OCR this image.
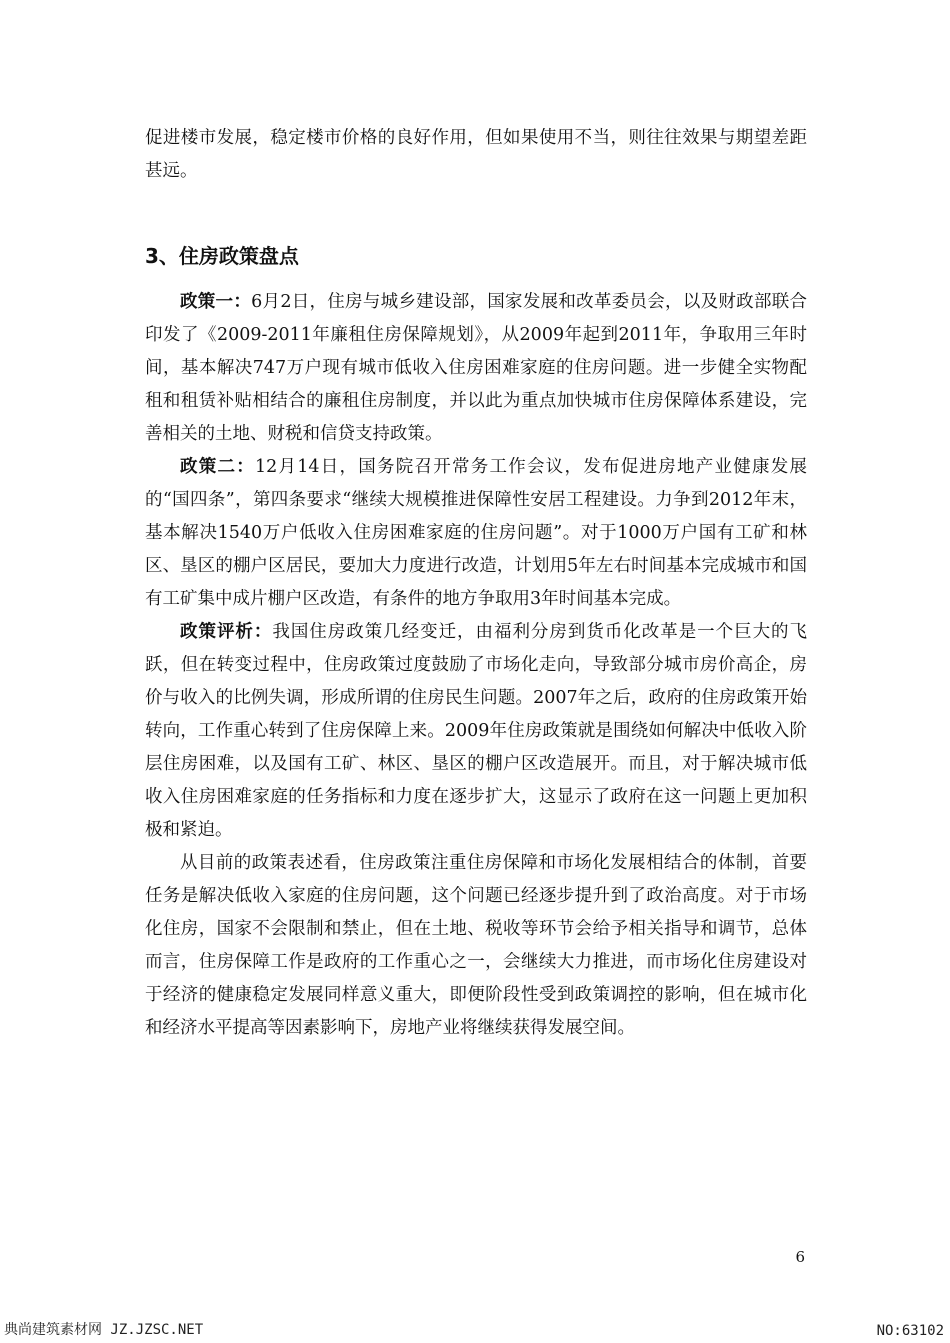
促进楼市发展，稳定楼市价格的良好作用，但如果使用不当，则往往效果与期望差距甚远。

3、住房政策盘点

政策一：6月2日，住房与城乡建设部，国家发展和改革委员会，以及财政部联合印发了《2009-2011年廉租住房保障规划》，从2009年起到2011年，争取用三年时间，基本解决747万户现有城市低收入住房困难家庭的住房问题。进一步健全实物配租和租赁补贴相结合的廉租住房制度，并以此为重点加快城市住房保障体系建设，完善相关的土地、财税和信贷支持政策。

政策二：12月14日，国务院召开常务工作会议，发布促进房地产业健康发展的“国四条”，第四条要求“继续大规模推进保障性安居工程建设。力争到2012年末，基本解决1540万户低收入住房困难家庭的住房问题”。对于1000万户国有工矿和林区、垦区的棚户区居民，要加大力度进行改造，计划用5年左右时间基本完成城市和国有工矿集中成片棚户区改造，有条件的地方争取用3年时间基本完成。

政策评析：我国住房政策几经变迁，由福利分房到货币化改革是一个巨大的飞跃，但在转变过程中，住房政策过度鼓励了市场化走向，导致部分城市房价高企，房价与收入的比例失调，形成所谓的住房民生问题。2007年之后，政府的住房政策开始转向，工作重心转到了住房保障上来。2009年住房政策就是围绕如何解决中低收入阶层住房困难，以及国有工矿、林区、垦区的棚户区改造展开。而且，对于解决城市低收入住房困难家庭的任务指标和力度在逐步扩大，这显示了政府在这一问题上更加积极和紧迫。

从目前的政策表述看，住房政策注重住房保障和市场化发展相结合的体制，首要任务是解决低收入家庭的住房问题，这个问题已经逐步提升到了政治高度。对于市场化住房，国家不会限制和禁止，但在土地、税收等环节会给予相关指导和调节，总体而言，住房保障工作是政府的工作重心之一，会继续大力推进，而市场化住房建设对于经济的健康稳定发展同样意义重大，即便阶段性受到政策调控的影响，但在城市化和经济水平提高等因素影响下，房地产业将继续获得发展空间。

6
典尚建筑素材网 JZ.JZSC.NET	NO:63102
